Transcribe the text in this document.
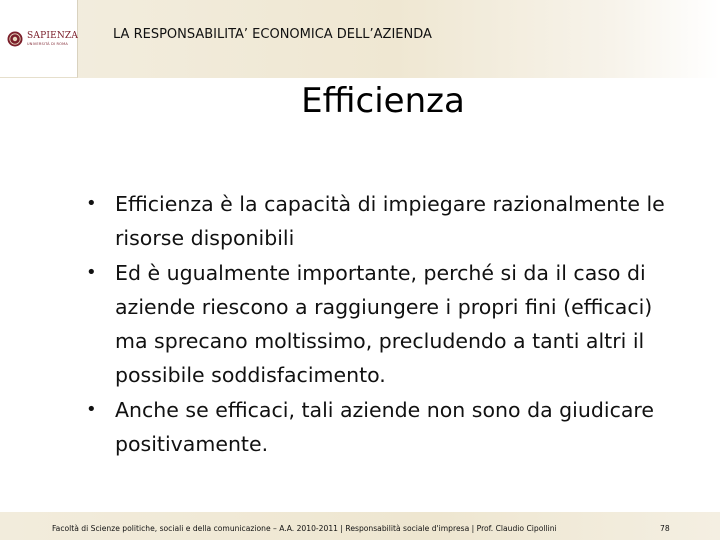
SAPIENZA
UNIVERSITÀ DI ROMA
LA RESPONSABILITA’ ECONOMICA DELL’AZIENDA
Efficienza
• Efficienza è la capacità di impiegare razionalmente le risorse disponibili
• Ed è ugualmente importante, perché si da il caso di aziende riescono a raggiungere i propri fini (efficaci) ma sprecano moltissimo, precludendo a tanti altri il possibile soddisfacimento.
• Anche se efficaci, tali aziende non sono da giudicare positivamente.
Facoltà di Scienze politiche, sociali e della comunicazione – A.A. 2010-2011 | Responsabilità sociale d'impresa | Prof. Claudio Cipollini	78
